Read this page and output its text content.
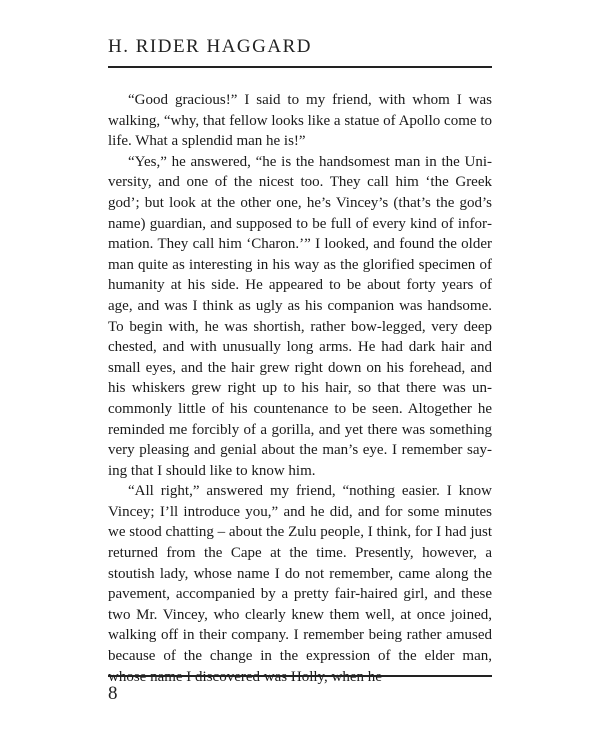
H. RIDER HAGGARD

“Good gracious!” I said to my friend, with whom I was walking, “why, that fellow looks like a statue of Apollo come to life. What a splendid man he is!”

“Yes,” he answered, “he is the handsomest man in the University, and one of the nicest too. They call him ‘the Greek god’; but look at the other one, he’s Vincey’s (that’s the god’s name) guardian, and supposed to be full of every kind of information. They call him ‘Charon.’” I looked, and found the older man quite as interesting in his way as the glorified specimen of humanity at his side. He appeared to be about forty years of age, and was I think as ugly as his companion was handsome. To begin with, he was shortish, rather bow-legged, very deep chested, and with unusually long arms. He had dark hair and small eyes, and the hair grew right down on his forehead, and his whiskers grew right up to his hair, so that there was uncommonly little of his countenance to be seen. Altogether he reminded me forcibly of a gorilla, and yet there was something very pleasing and genial about the man’s eye. I remember saying that I should like to know him.

“All right,” answered my friend, “nothing easier. I know Vincey; I’ll introduce you,” and he did, and for some minutes we stood chatting – about the Zulu people, I think, for I had just returned from the Cape at the time. Presently, however, a stoutish lady, whose name I do not remember, came along the pavement, accompanied by a pretty fair-haired girl, and these two Mr. Vincey, who clearly knew them well, at once joined, walking off in their company. I remember being rather amused because of the change in the expression of the elder man, whose name I discovered was Holly, when he

8
